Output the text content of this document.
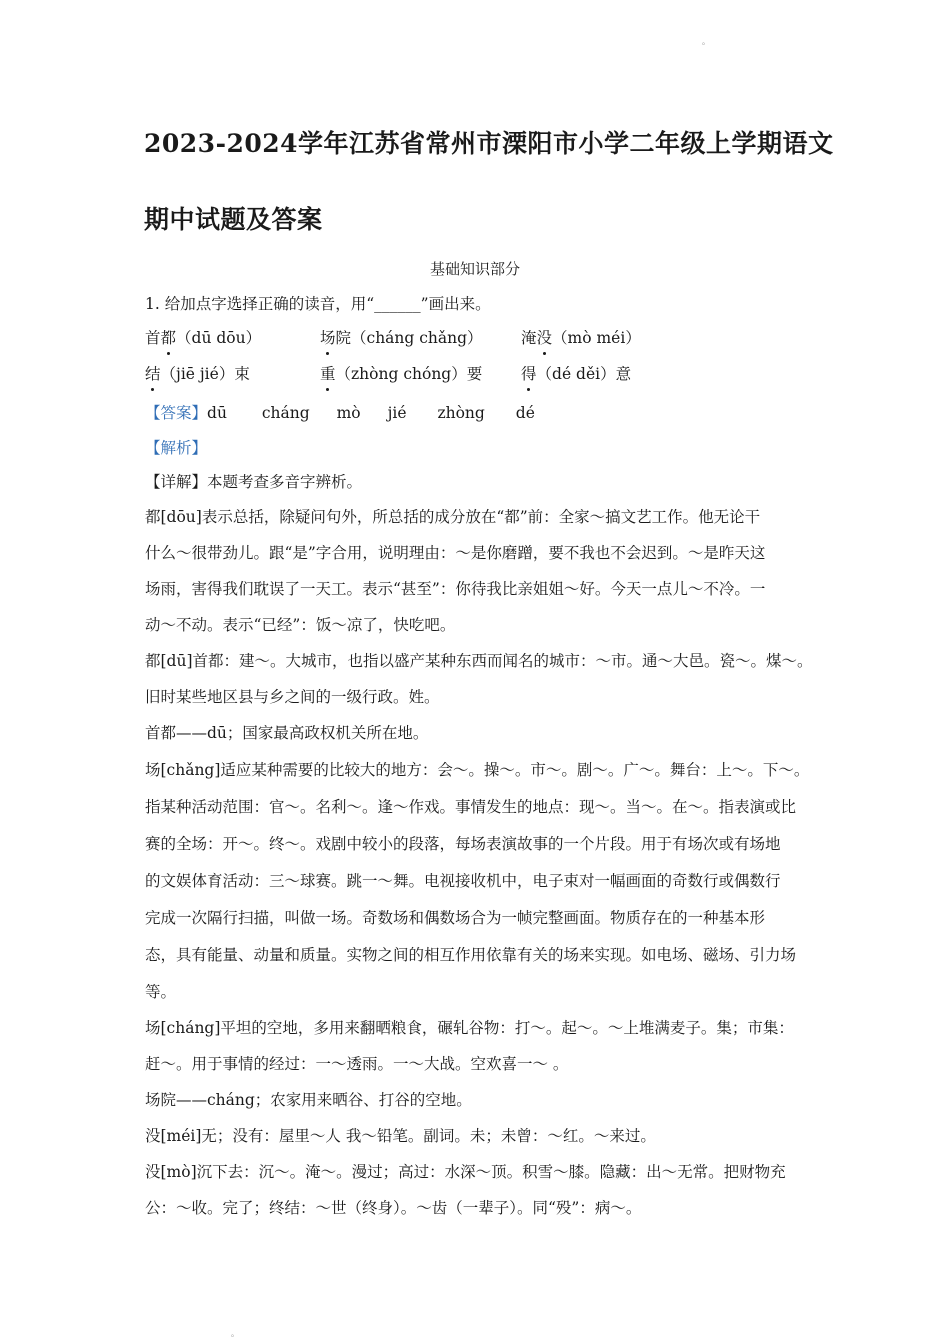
。
2023-2024学年江苏省常州市溧阳市小学二年级上学期语文
期中试题及答案
基础知识部分
1. 给加点字选择正确的读音，用“______”画出来。
首都（dū dōu）	场院（cháng chǎng） 淹没（mò méi）
结（jiē jié）束	重（zhòng chóng）要	得（dé děi）意
【答案】dū cháng mò jié zhòng dé
【解析】
【详解】本题考查多音字辨析。
都[dōu]表示总括，除疑问句外，所总括的成分放在“都”前：全家～搞文艺工作。他无论干
什么～很带劲儿。跟“是”字合用，说明理由：～是你磨蹭，要不我也不会迟到。～是昨天这
场雨，害得我们耽误了一天工。表示“甚至”：你待我比亲姐姐～好。今天一点儿～不冷。一
动～不动。表示“已经”：饭～凉了，快吃吧。
都[dū]首都：建～。大城市，也指以盛产某种东西而闻名的城市：～市。通～大邑。瓷～。煤～。
旧时某些地区县与乡之间的一级行政。姓。
首都——dū；国家最高政权机关所在地。
场[chǎng]适应某种需要的比较大的地方：会～。操～。市～。剧～。广～。舞台：上～。下～。
指某种活动范围：官～。名利～。逢～作戏。事情发生的地点：现～。当～。在～。指表演或比
赛的全场：开～。终～。戏剧中较小的段落，每场表演故事的一个片段。用于有场次或有场地
的文娱体育活动：三～球赛。跳一～舞。电视接收机中，电子束对一幅画面的奇数行或偶数行
完成一次隔行扫描，叫做一场。奇数场和偶数场合为一帧完整画面。物质存在的一种基本形
态，具有能量、动量和质量。实物之间的相互作用依靠有关的场来实现。如电场、磁场、引力场
等。
场[cháng]平坦的空地，多用来翻晒粮食，碾轧谷物：打～。起～。～上堆满麦子。集；市集：
赶～。用于事情的经过：一～透雨。一～大战。空欢喜一～ 。
场院——cháng；农家用来晒谷、打谷的空地。
没[méi]无；没有：屋里～人 我～铅笔。副词。未；未曾：～红。～来过。
没[mò]沉下去：沉～。淹～。漫过；高过：水深～顶。积雪～膝。隐藏：出～无常。把财物充
公：～收。完了；终结：～世（终身）。～齿（一辈子）。同“殁”：病～。
。
